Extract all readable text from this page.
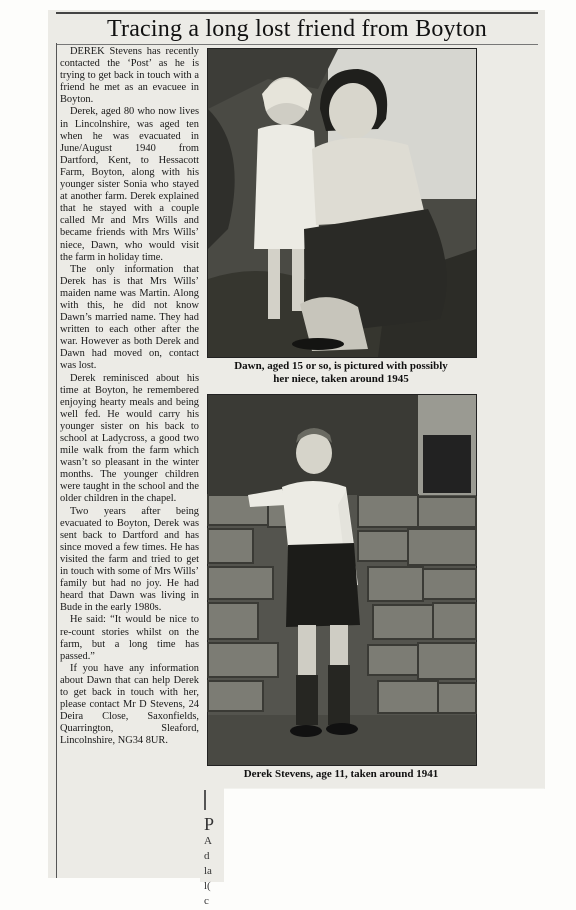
P
A
d
la
l(
c
Tracing a long lost friend from Boyton

DEREK Stevens has recently contacted the ‘Post’ as he is trying to get back in touch with a friend he met as an evacuee in Boyton.

Derek, aged 80 who now lives in Lincolnshire, was aged ten when he was evacuated in June/August 1940 from Dartford, Kent, to Hessacott Farm, Boyton, along with his younger sister Sonia who stayed at another farm. Derek explained that he stayed with a couple called Mr and Mrs Wills and became friends with Mrs Wills’ niece, Dawn, who would visit the farm in holiday time.

The only information that Derek has is that Mrs Wills’ maiden name was Martin. Along with this, he did not know Dawn’s married name. They had written to each other after the war. However as both Derek and Dawn had moved on, contact was lost.

Derek reminisced about his time at Boyton, he remembered enjoying hearty meals and being well fed. He would carry his younger sister on his back to school at Ladycross, a good two mile walk from the farm which wasn’t so pleasant in the winter months. The younger children were taught in the school and the older children in the chapel.

Two years after being evacuated to Boyton, Derek was sent back to Dartford and has since moved a few times. He has visited the farm and tried to get in touch with some of Mrs Wills’ family but had no joy. He had heard that Dawn was living in Bude in the early 1980s.

He said: “It would be nice to re-count stories whilst on the farm, but a long time has passed.”

If you have any information about Dawn that can help Derek to get back in touch with her, please contact Mr D Stevens, 24 Deira Close, Saxonfields, Quarrington, Sleaford, Lincolnshire, NG34 8UR.

Dawn, aged 15 or so, is pictured with possibly
her niece, taken around 1945
Derek Stevens, age 11, taken around 1941
